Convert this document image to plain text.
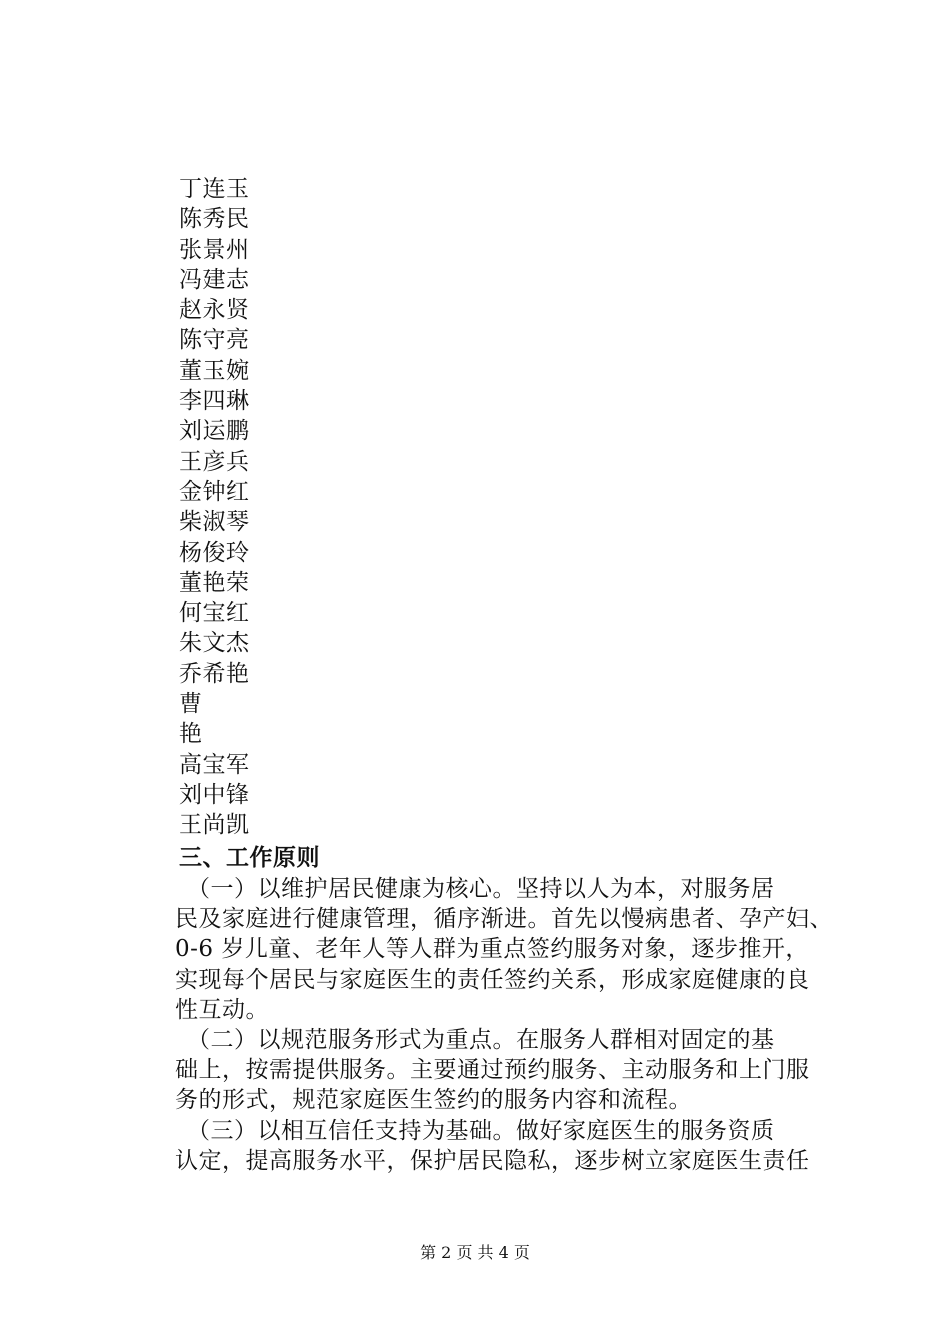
丁连玉
陈秀民
张景州
冯建志
赵永贤
陈守亮
董玉婉
李四琳
刘运鹏
王彦兵
金钟红
柴淑琴
杨俊玲
董艳荣
何宝红
朱文杰
乔希艳
曹
艳
高宝军
刘中锋
王尚凯
三、工作原则

　（一）以维护居民健康为核心。坚持以人为本，对服务居
民及家庭进行健康管理，循序渐进。首先以慢病患者、孕产妇、
0-6 岁儿童、老年人等人群为重点签约服务对象，逐步推开，
实现每个居民与家庭医生的责任签约关系，形成家庭健康的良
性互动。

　（二）以规范服务形式为重点。在服务人群相对固定的基
础上，按需提供服务。主要通过预约服务、主动服务和上门服
务的形式，规范家庭医生签约的服务内容和流程。

　（三）以相互信任支持为基础。做好家庭医生的服务资质
认定，提高服务水平，保护居民隐私，逐步树立家庭医生责任

第 2 页 共 4 页
